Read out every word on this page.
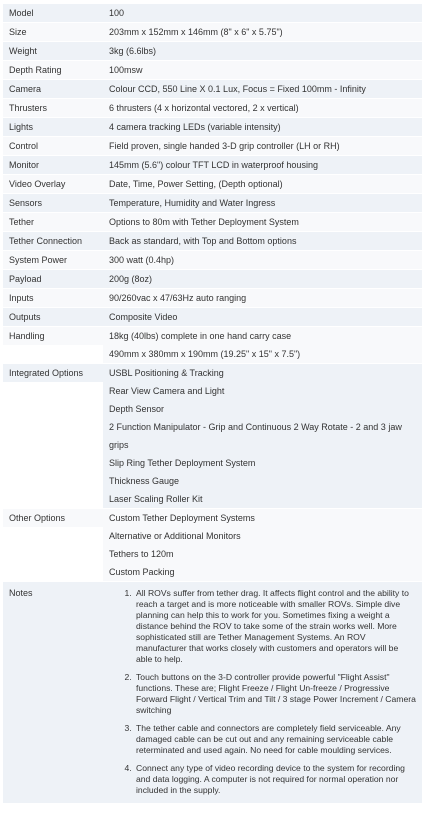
Model	100
Size	203mm x 152mm x 146mm (8" x 6" x 5.75")
Weight	3kg (6.6lbs)
Depth Rating	100msw
Camera	Colour CCD, 550 Line X 0.1 Lux, Focus = Fixed 100mm - Infinity
Thrusters	6 thrusters (4 x horizontal vectored, 2 x vertical)
Lights	4 camera tracking LEDs (variable intensity)
Control	Field proven, single handed 3-D grip controller (LH or RH)
Monitor	145mm (5.6") colour TFT LCD in waterproof housing
Video Overlay	Date, Time, Power Setting, (Depth optional)
Sensors	Temperature, Humidity and Water Ingress
Tether	Options to 80m with Tether Deployment System
Tether Connection	Back as standard, with Top and Bottom options
System Power	300 watt (0.4hp)
Payload	200g (8oz)
Inputs	90/260vac x 47/63Hz auto ranging
Outputs	Composite Video
Handling	18kg (40lbs) complete in one hand carry case
490mm x 380mm x 190mm (19.25" x 15" x 7.5")
Integrated Options	USBL Positioning & Tracking
Rear View Camera and Light
Depth Sensor
2 Function Manipulator - Grip and Continuous 2 Way Rotate - 2 and 3 jaw grips
Slip Ring Tether Deployment System
Thickness Gauge
Laser Scaling Roller Kit
Other Options	Custom Tether Deployment Systems
Alternative or Additional Monitors
Tethers to 120m
Custom Packing
Notes
1.	All ROVs suffer from tether drag. It affects flight control and the ability to reach a target and is more noticeable with smaller ROVs. Simple dive planning can help this to work for you. Sometimes fixing a weight a distance behind the ROV to take some of the strain works well. More sophisticated still are Tether Management Systems. An ROV manufacturer that works closely with customers and operators will be able to help.
2. Touch buttons on the 3-D controller provide powerful "Flight Assist" functions. These are; Flight Freeze / Flight Un-freeze / Progressive Forward Flight / Vertical Trim and Tilt / 3 stage Power Increment / Camera switching
3. The tether cable and connectors are completely field serviceable. Any damaged cable can be cut out and any remaining serviceable cable reterminated and used again. No need for cable moulding services.
4. Connect any type of video recording device to the system for recording and data logging. A computer is not required for normal operation nor included in the supply.
